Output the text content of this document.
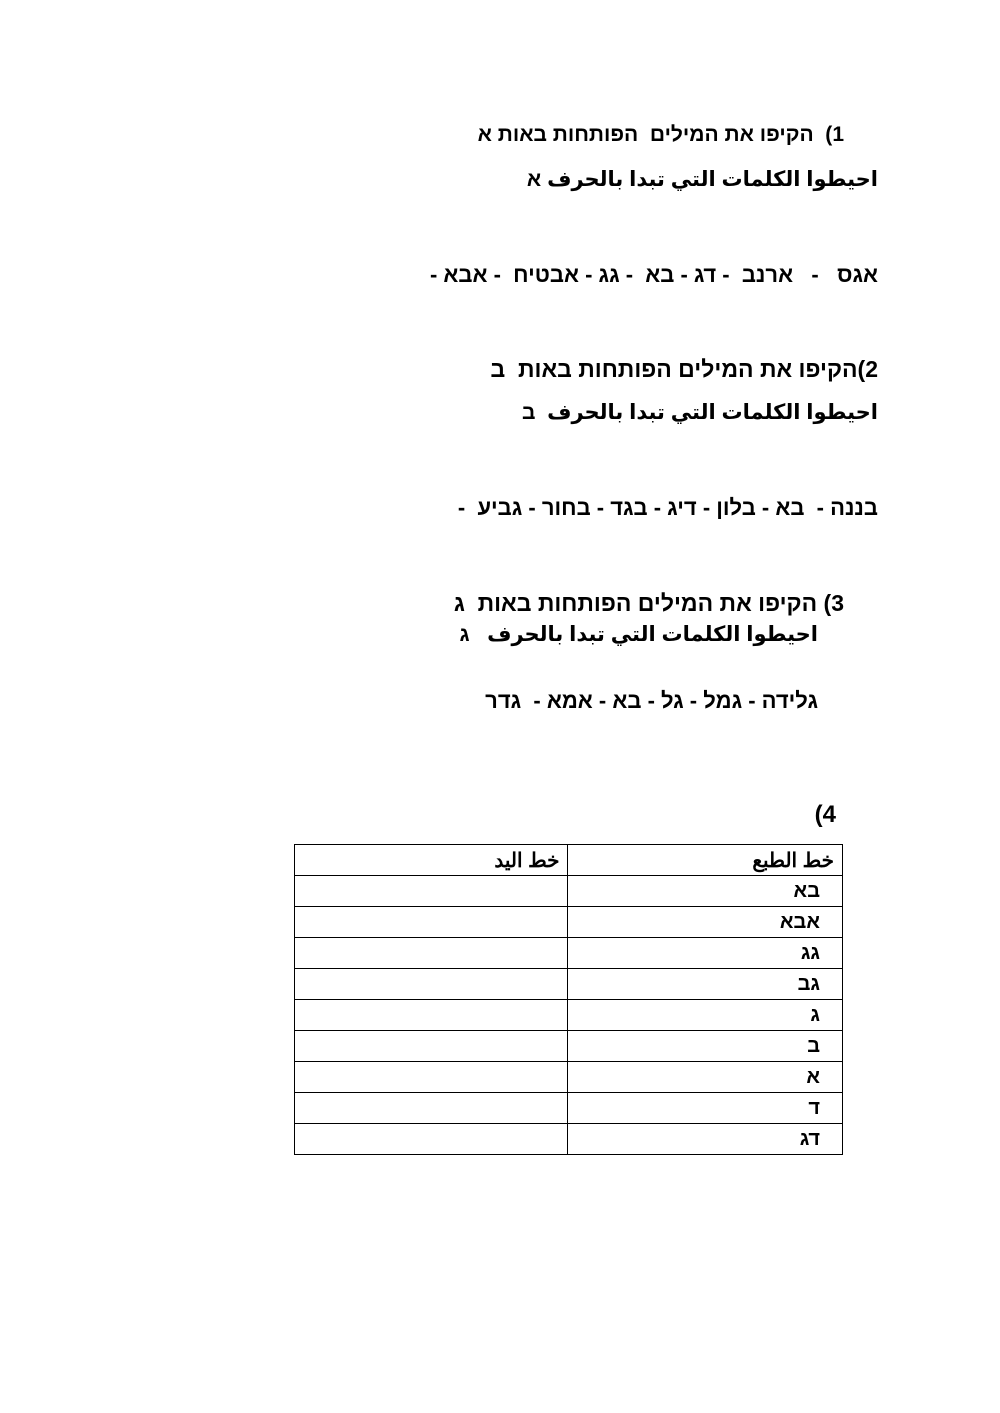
1)  הקיפו את המילים  הפותחות באות א
احيطوا الكلمات التي تبدا بالحرف א
אגס   -   ארנב  - דג - בא  - גג - אבטיח  - אבא -
2)הקיפו את המילים הפותחות באות  ב
احيطوا الكلمات التي تبدا بالحرف  ב
בננה -  בא - בלון - דיג - בגד - בחור - גביע  -
3) הקיפו את המילים הפותחות באות  ג
احيطوا الكلمات التي تبدا بالحرف   ג
גלידה - גמל - גל - בא - אמא -  גדר
(4
خط الطبع	خط اليد
בא	
אבא	
גג	
גב	
ג	
ב	
א	
ד	
דג	
